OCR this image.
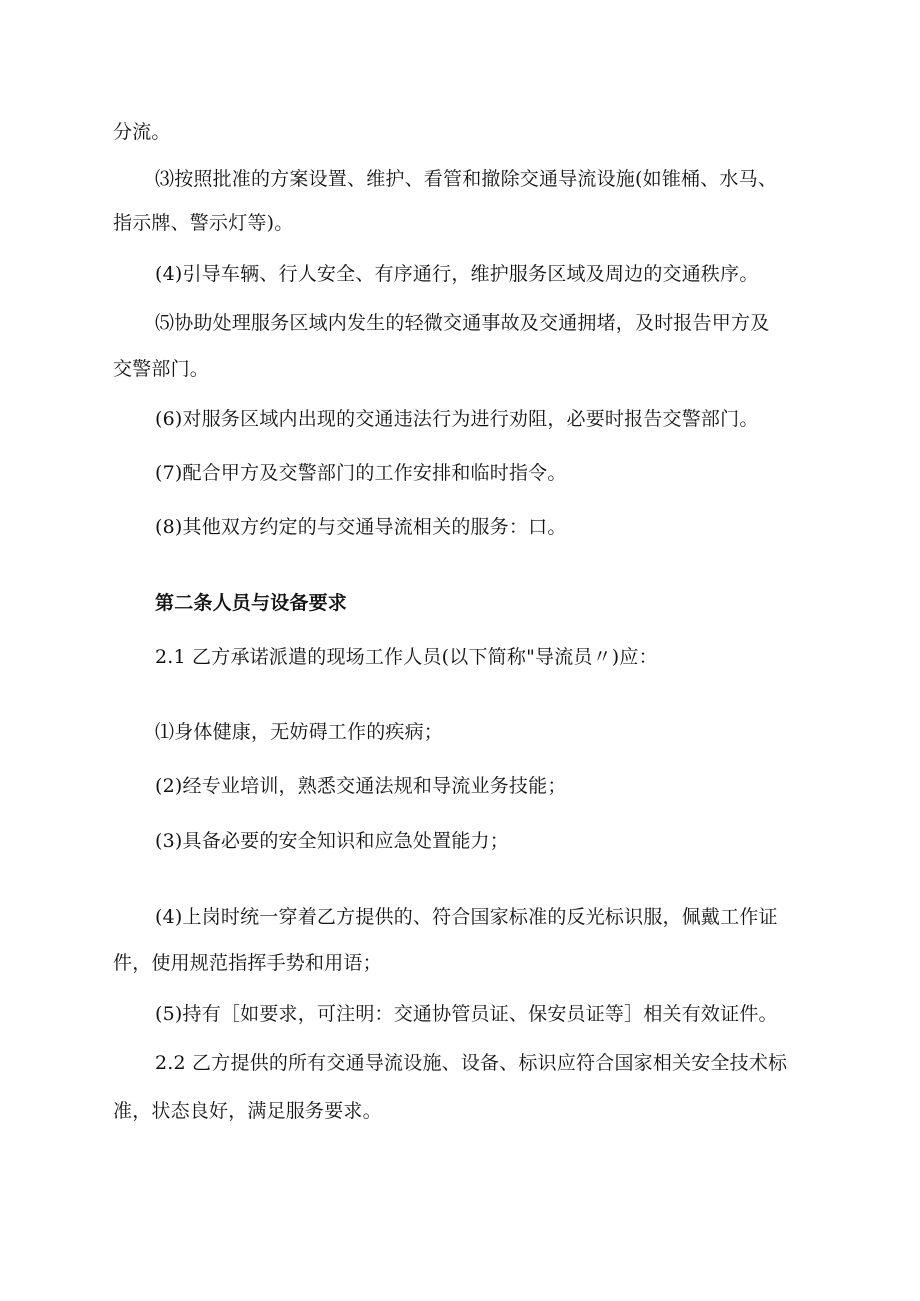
分流。
⑶按照批准的方案设置、维护、看管和撤除交通导流设施(如锥桶、水马、
指示牌、警示灯等)。
(4)引导车辆、行人安全、有序通行，维护服务区域及周边的交通秩序。
⑸协助处理服务区域内发生的轻微交通事故及交通拥堵，及时报告甲方及
交警部门。
(6)对服务区域内出现的交通违法行为进行劝阻，必要时报告交警部门。
(7)配合甲方及交警部门的工作安排和临时指令。
(8)其他双方约定的与交通导流相关的服务：口。
第二条人员与设备要求
2.1 乙方承诺派遣的现场工作人员(以下简称"导流员〃)应：
⑴身体健康，无妨碍工作的疾病；
(2)经专业培训，熟悉交通法规和导流业务技能；
(3)具备必要的安全知识和应急处置能力；
(4)上岗时统一穿着乙方提供的、符合国家标准的反光标识服，佩戴工作证
件，使用规范指挥手势和用语；
(5)持有［如要求，可注明：交通协管员证、保安员证等］相关有效证件。
2.2 乙方提供的所有交通导流设施、设备、标识应符合国家相关安全技术标
准，状态良好，满足服务要求。
